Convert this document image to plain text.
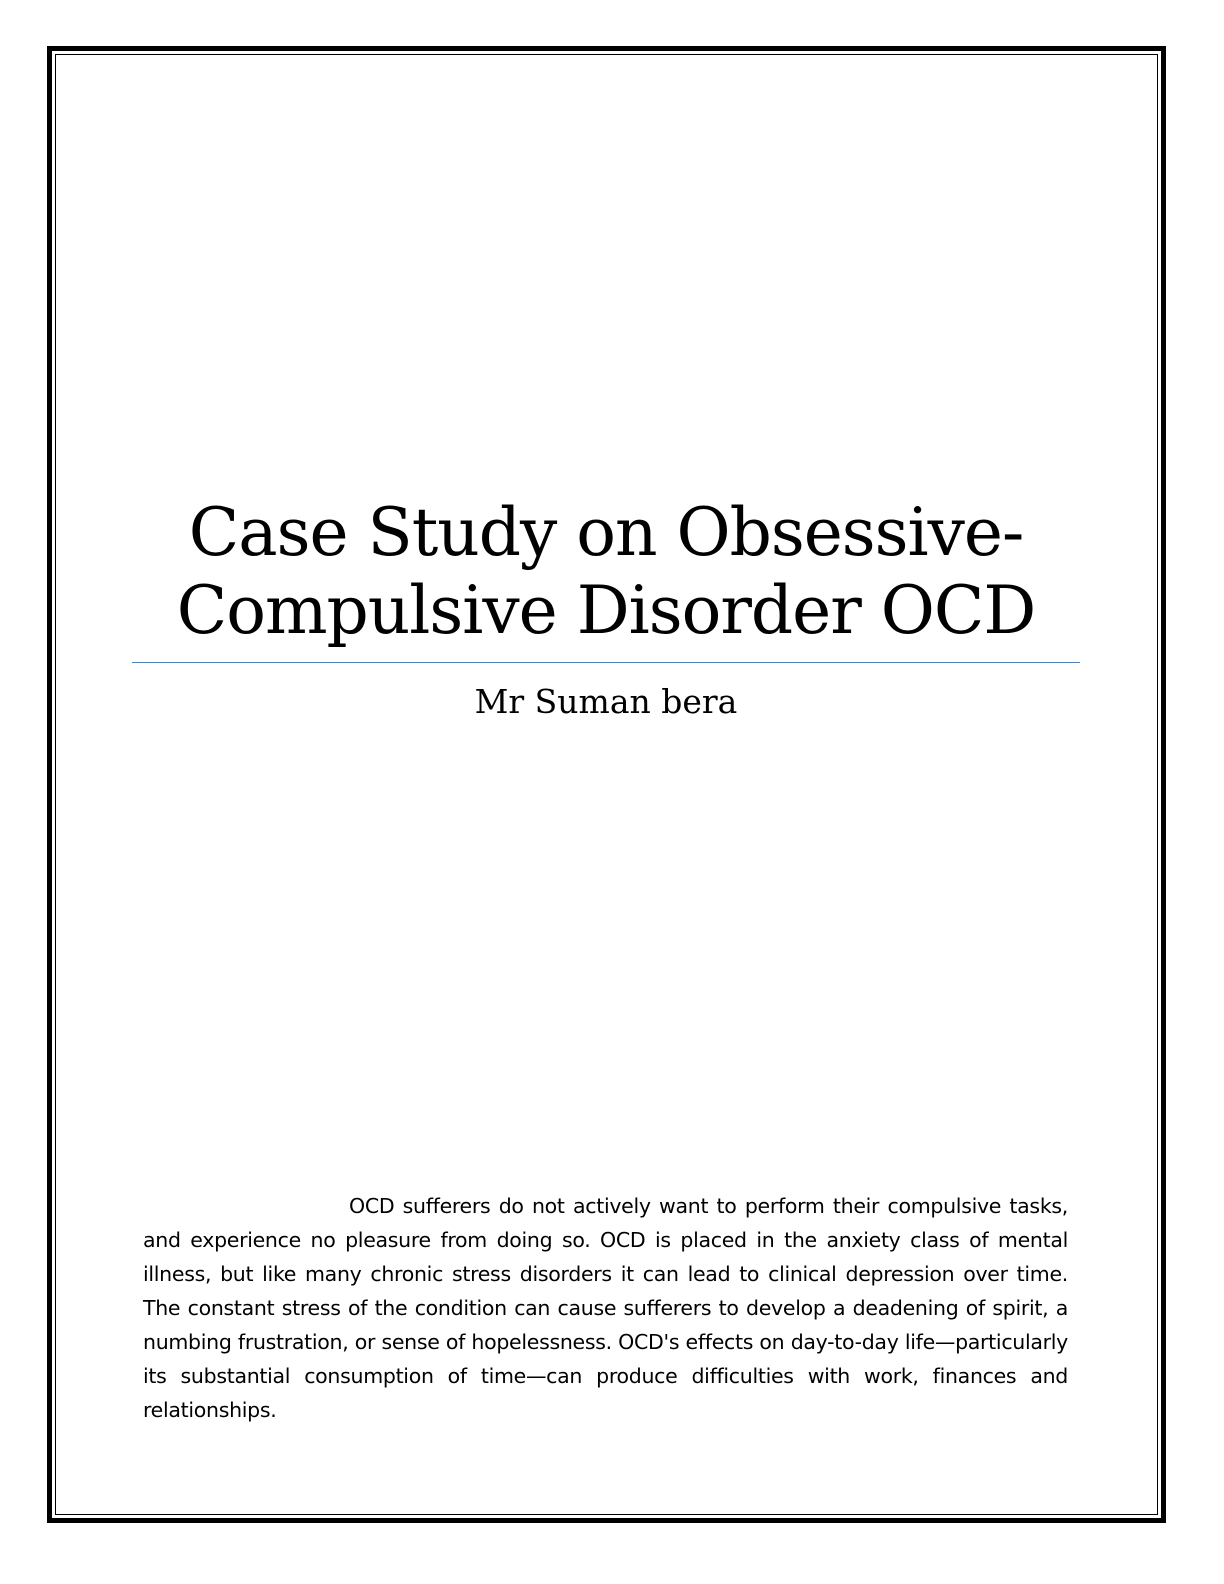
Case Study on Obsessive-
Compulsive Disorder OCD
Mr Suman bera

OCD sufferers do not actively want to perform their compulsive tasks, and experience no pleasure from doing so. OCD is placed in the anxiety class of mental illness, but like many chronic stress disorders it can lead to clinical depression over time. The constant stress of the condition can cause sufferers to develop a deadening of spirit, a numbing frustration, or sense of hopelessness. OCD's effects on day-to-day life—particularly its substantial consumption of time—can produce difficulties with work, finances and relationships.
